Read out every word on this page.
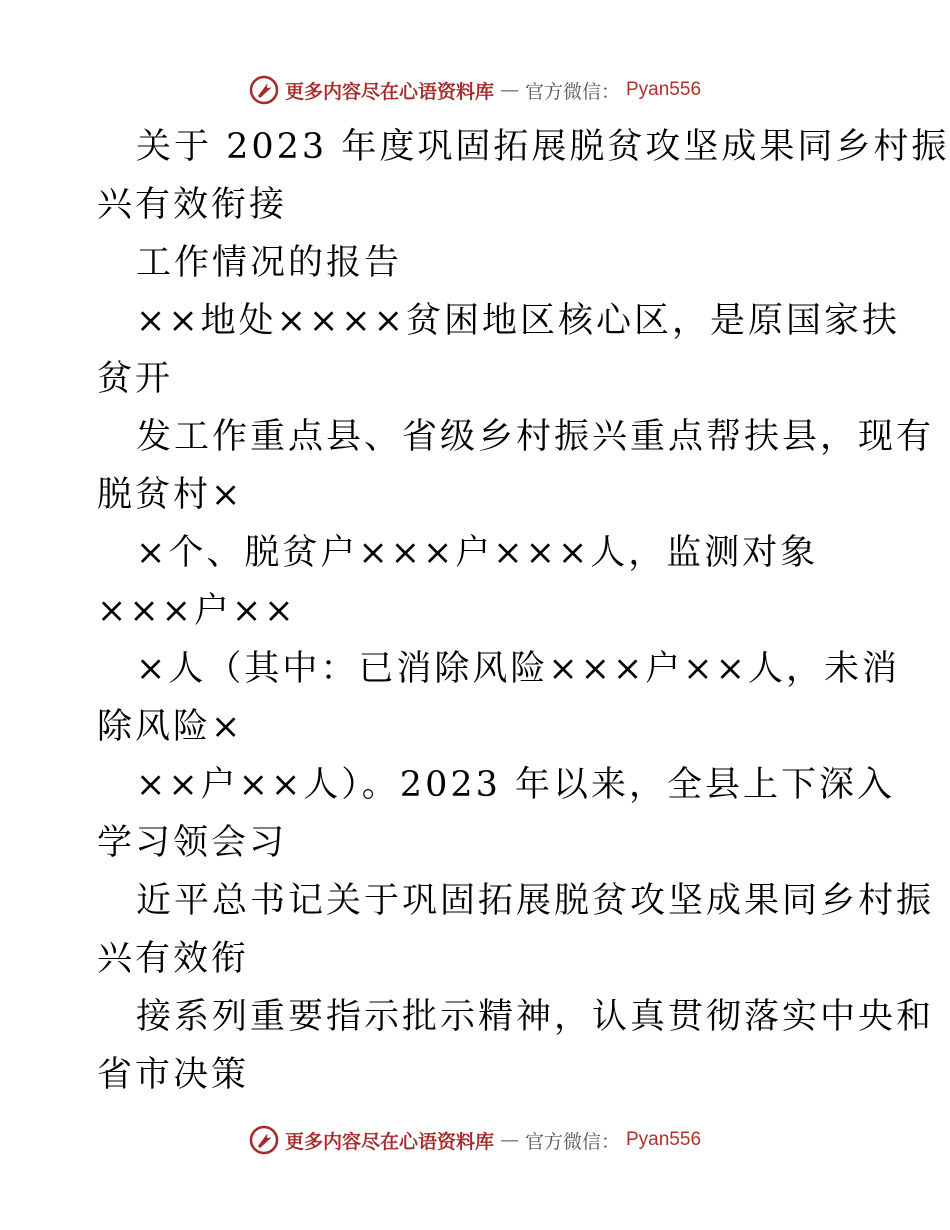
更多内容尽在心语资料库 — 官方微信： Pyan556
关于 2023 年度巩固拓展脱贫攻坚成果同乡村振
兴有效衔接
工作情况的报告
××地处××××贫困地区核心区，是原国家扶
贫开
发工作重点县、省级乡村振兴重点帮扶县，现有
脱贫村×
×个、脱贫户×××户×××人，监测对象
×××户××
×人（其中：已消除风险×××户××人，未消
除风险×
××户××人）。2023 年以来，全县上下深入
学习领会习
近平总书记关于巩固拓展脱贫攻坚成果同乡村振
兴有效衔
接系列重要指示批示精神，认真贯彻落实中央和
省市决策
更多内容尽在心语资料库 — 官方微信： Pyan556
